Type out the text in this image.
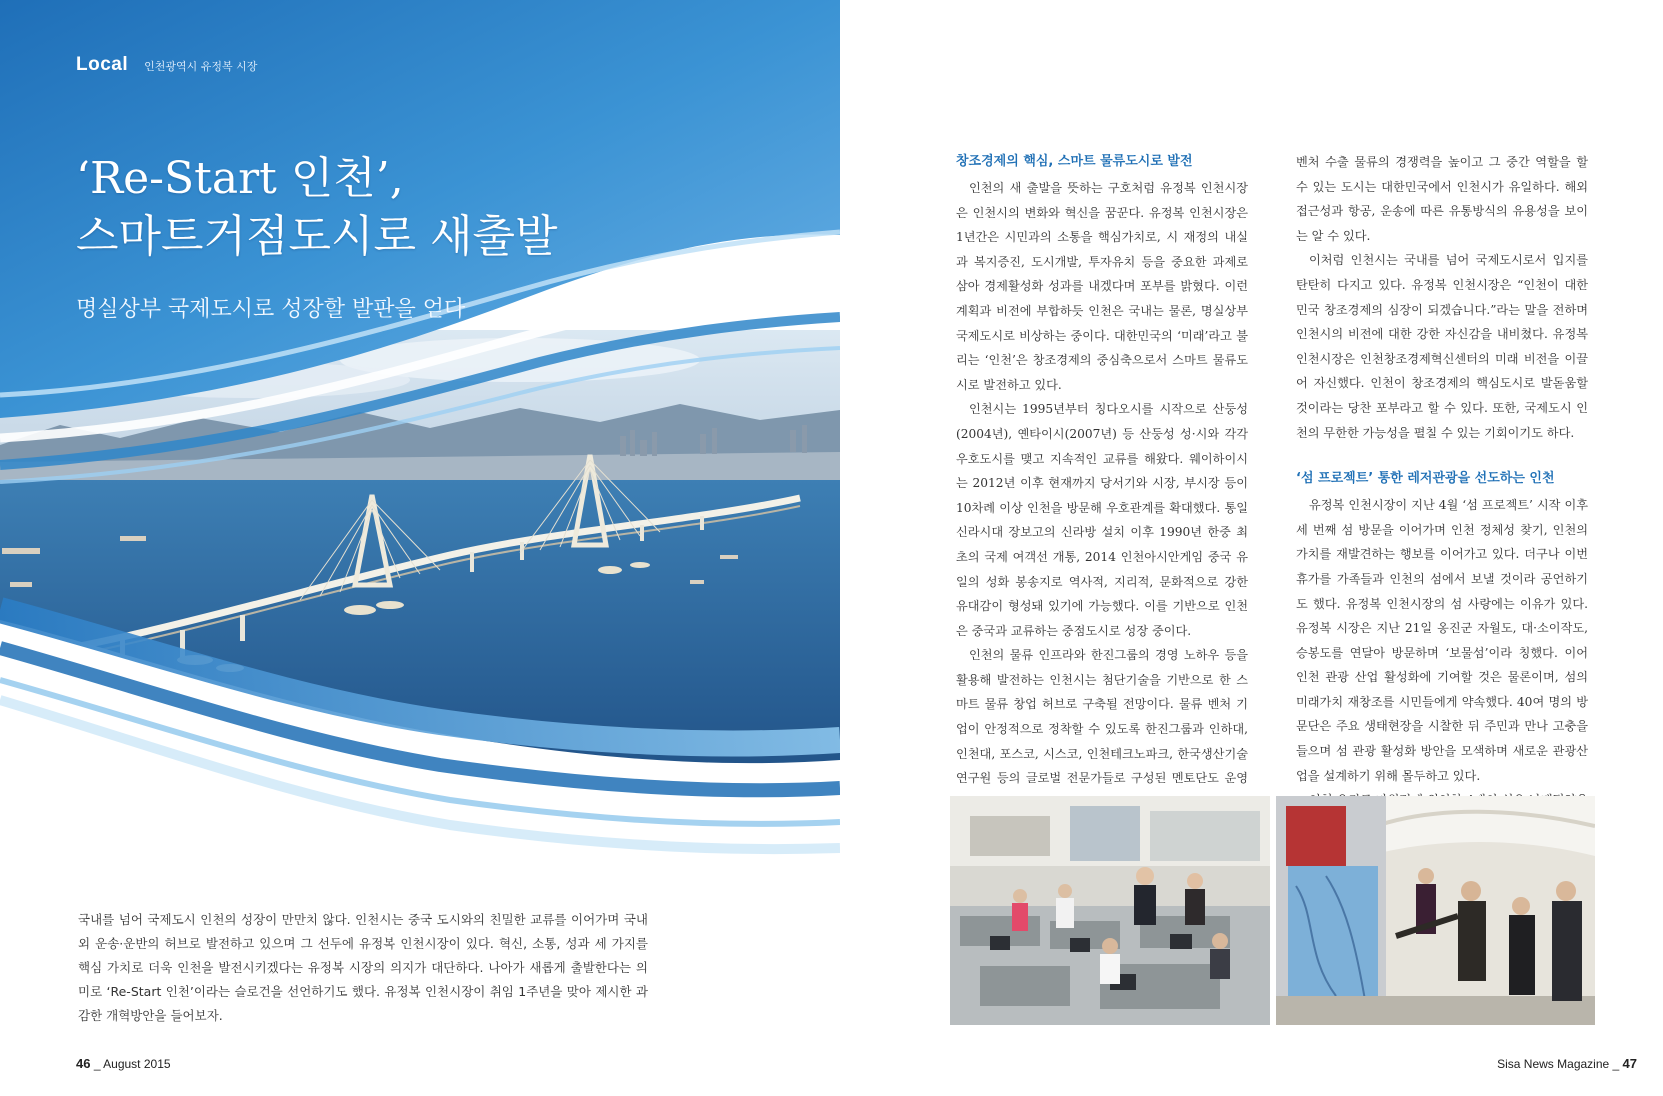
Local 인천광역시 유정복 시장
‘Re-Start 인천’,
스마트거점도시로 새출발
명실상부 국제도시로 성장할 발판을 얻다

국내를 넘어 국제도시 인천의 성장이 만만치 않다. 인천시는 중국 도시와의 친밀한 교류를 이어가며 국내외 운송·운반의 허브로 발전하고 있으며 그 선두에 유정복 인천시장이 있다. 혁신, 소통, 성과 세 가지를 핵심 가치로 더욱 인천을 발전시키겠다는 유정복 시장의 의지가 대단하다. 나아가 새롭게 출발한다는 의미로 ‘Re-Start 인천’이라는 슬로건을 선언하기도 했다. 유정복 인천시장이 취임 1주년을 맞아 제시한 과감한 개혁방안을 들어보자.

46 _ August 2015
창조경제의 핵심, 스마트 물류도시로 발전

인천의 새 출발을 뜻하는 구호처럼 유정복 인천시장은 인천시의 변화와 혁신을 꿈꾼다. 유정복 인천시장은 1년간은 시민과의 소통을 핵심가치로, 시 재정의 내실과 복지증진, 도시개발, 투자유치 등을 중요한 과제로 삼아 경제활성화 성과를 내겠다며 포부를 밝혔다. 이런 계획과 비전에 부합하듯 인천은 국내는 물론, 명실상부 국제도시로 비상하는 중이다. 대한민국의 ‘미래’라고 불리는 ‘인천’은 창조경제의 중심축으로서 스마트 물류도시로 발전하고 있다.

인천시는 1995년부터 칭다오시를 시작으로 산둥성(2004년), 옌타이시(2007년) 등 산둥성 성·시와 각각 우호도시를 맺고 지속적인 교류를 해왔다. 웨이하이시는 2012년 이후 현재까지 당서기와 시장, 부시장 등이 10차례 이상 인천을 방문해 우호관계를 확대했다. 통일신라시대 장보고의 신라방 설치 이후 1990년 한중 최초의 국제 여객선 개통, 2014 인천아시안게임 중국 유일의 성화 봉송지로 역사적, 지리적, 문화적으로 강한 유대감이 형성돼 있기에 가능했다. 이를 기반으로 인천은 중국과 교류하는 중점도시로 성장 중이다.

인천의 물류 인프라와 한진그룹의 경영 노하우 등을 활용해 발전하는 인천시는 첨단기술을 기반으로 한 스마트 물류 창업 허브로 구축될 전망이다. 물류 벤처 기업이 안정적으로 정착할 수 있도록 한진그룹과 인하대, 인천대, 포스코, 시스코, 인천테크노파크, 한국생산기술연구원 등의 글로벌 전문가들로 구성된 멘토단도 운영

벤처 수출 물류의 경쟁력을 높이고 그 중간 역할을 할 수 있는 도시는 대한민국에서 인천시가 유일하다. 해외 접근성과 항공, 운송에 따른 유통방식의 유용성을 보이는 알 수 있다.

이처럼 인천시는 국내를 넘어 국제도시로서 입지를 탄탄히 다지고 있다. 유정복 인천시장은 “인천이 대한민국 창조경제의 심장이 되겠습니다.”라는 말을 전하며 인천시의 비전에 대한 강한 자신감을 내비쳤다. 유정복 인천시장은 인천창조경제혁신센터의 미래 비전을 이끌어 자신했다. 인천이 창조경제의 핵심도시로 발돋움할 것이라는 당찬 포부라고 할 수 있다. 또한, 국제도시 인천의 무한한 가능성을 펼칠 수 있는 기회이기도 하다.

‘섬 프로젝트’ 통한 레저관광을 선도하는 인천

유정복 인천시장이 지난 4월 ‘섬 프로젝트’ 시작 이후 세 번째 섬 방문을 이어가며 인천 정체성 찾기, 인천의 가치를 재발견하는 행보를 이어가고 있다. 더구나 이번 휴가를 가족들과 인천의 섬에서 보낼 것이라 공언하기도 했다. 유정복 인천시장의 섬 사랑에는 이유가 있다. 유정복 시장은 지난 21일 옹진군 자월도, 대·소이작도, 승봉도를 연달아 방문하며 ‘보물섬’이라 칭했다. 이어 인천 관광 산업 활성화에 기여할 것은 물론이며, 섬의 미래가치 재창조를 시민들에게 약속했다. 40여 명의 방문단은 주요 생태현장을 시찰한 뒤 주민과 만나 고충을 들으며 섬 관광 활성화 방안을 모색하며 새로운 관광산업을 설계하기 위해 몰두하고 있다.

Sisa News Magazine _ 47
